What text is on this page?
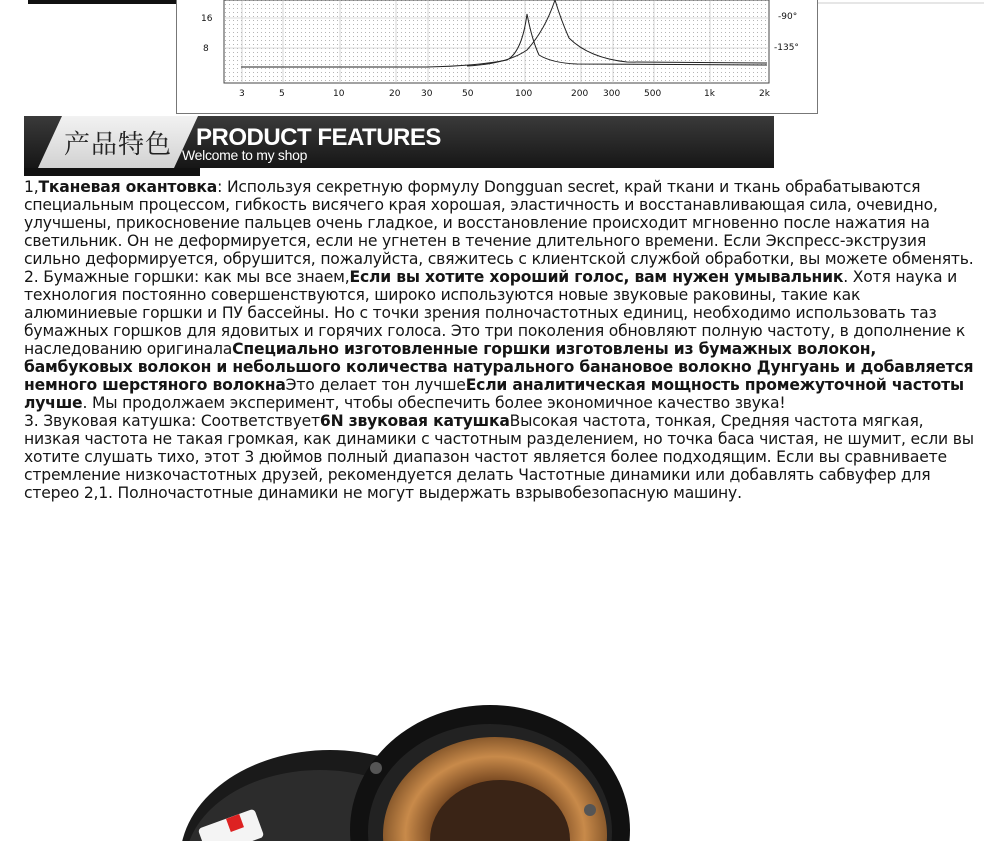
16
8
-90°
-135°
3	5	10	20 30	50	100	200 300	500	1k	2k
产品特色 PRODUCT FEATURES
Welcome to my shop

1,Тканевая окантовка: Используя секретную формулу Dongguan secret, край ткани и ткань обрабатываются специальным процессом, гибкость висячего края хорошая, эластичность и восстанавливающая сила, очевидно, улучшены, прикосновение пальцев очень гладкое, и восстановление происходит мгновенно после нажатия на светильник. Он не деформируется, если не угнетен в течение длительного времени. Если Экспресс-экструзия сильно деформируется, обрушится, пожалуйста, свяжитесь с клиентской службой обработки, вы можете обменять.

2. Бумажные горшки: как мы все знаем,Если вы хотите хороший голос, вам нужен умывальник. Хотя наука и технология постоянно совершенствуются, широко используются новые звуковые раковины, такие как алюминиевые горшки и ПУ бассейны. Но с точки зрения полночастотных единиц, необходимо использовать таз бумажных горшков для ядовитых и горячих голоса. Это три поколения обновляют полную частоту, в дополнение к наследованию оригиналаСпециально изготовленные горшки изготовлены из бумажных волокон, бамбуковых волокон и небольшого количества натурального банановое волокно Дунгуань и добавляется немного шерстяного волокнаЭто делает тон лучшеЕсли аналитическая мощность промежуточной частоты лучше. Мы продолжаем эксперимент, чтобы обеспечить более экономичное качество звука!

3. Звуковая катушка: Соответствует6N звуковая катушкаВысокая частота, тонкая, Средняя частота мягкая, низкая частота не такая громкая, как динамики с частотным разделением, но точка баса чистая, не шумит, если вы хотите слушать тихо, этот 3 дюймов полный диапазон частот является более подходящим. Если вы сравниваете стремление низкочастотных друзей, рекомендуется делать Частотные динамики или добавлять сабвуфер для стерео 2,1. Полночастотные динамики не могут выдержать взрывобезопасную машину.
